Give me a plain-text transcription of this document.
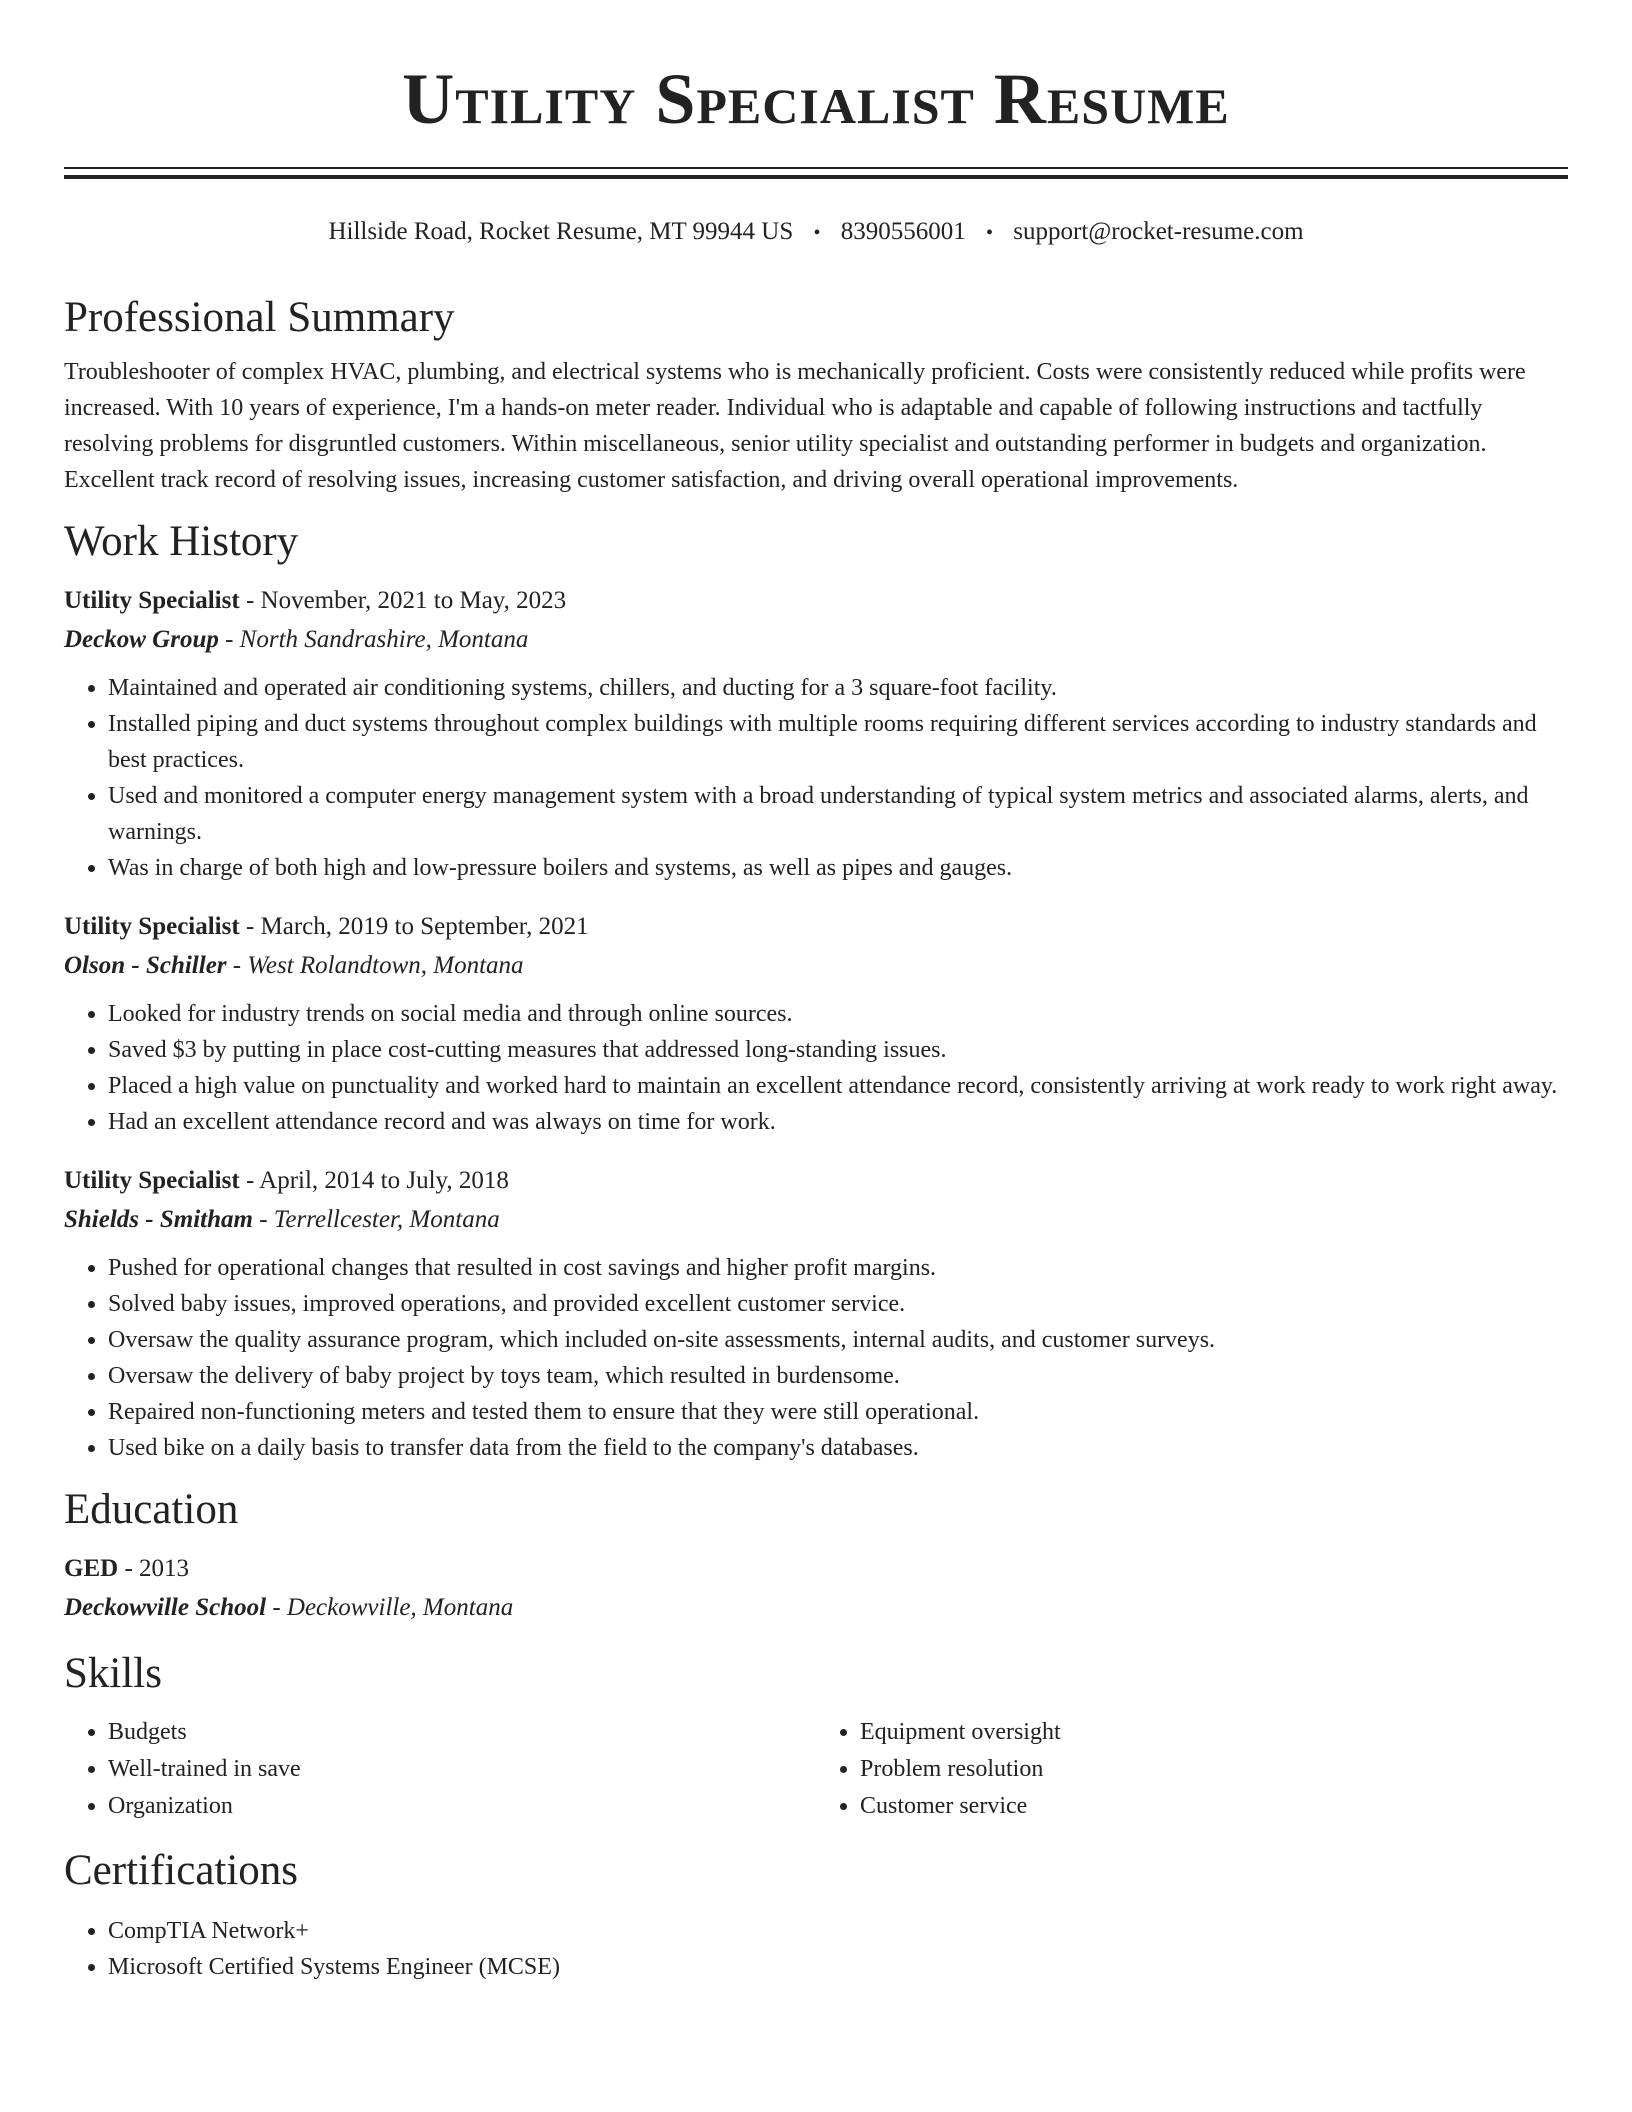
Utility Specialist Resume
Hillside Road, Rocket Resume, MT 99944 US • 8390556001 • support@rocket-resume.com
Professional Summary

Troubleshooter of complex HVAC, plumbing, and electrical systems who is mechanically proficient. Costs were consistently reduced while profits were increased. With 10 years of experience, I'm a hands-on meter reader. Individual who is adaptable and capable of following instructions and tactfully resolving problems for disgruntled customers. Within miscellaneous, senior utility specialist and outstanding performer in budgets and organization. Excellent track record of resolving issues, increasing customer satisfaction, and driving overall operational improvements.

Work History
Utility Specialist - November, 2021 to May, 2023
Deckow Group - North Sandrashire, Montana
• Maintained and operated air conditioning systems, chillers, and ducting for a 3 square-foot facility.
• Installed piping and duct systems throughout complex buildings with multiple rooms requiring different services according to industry standards and best practices.
• Used and monitored a computer energy management system with a broad understanding of typical system metrics and associated alarms, alerts, and warnings.
• Was in charge of both high and low-pressure boilers and systems, as well as pipes and gauges.
Utility Specialist - March, 2019 to September, 2021
Olson - Schiller - West Rolandtown, Montana
• Looked for industry trends on social media and through online sources.
• Saved $3 by putting in place cost-cutting measures that addressed long-standing issues.
• Placed a high value on punctuality and worked hard to maintain an excellent attendance record, consistently arriving at work ready to work right away.
• Had an excellent attendance record and was always on time for work.
Utility Specialist - April, 2014 to July, 2018
Shields - Smitham - Terrellcester, Montana
• Pushed for operational changes that resulted in cost savings and higher profit margins.
• Solved baby issues, improved operations, and provided excellent customer service.
• Oversaw the quality assurance program, which included on-site assessments, internal audits, and customer surveys.
• Oversaw the delivery of baby project by toys team, which resulted in burdensome.
• Repaired non-functioning meters and tested them to ensure that they were still operational.
• Used bike on a daily basis to transfer data from the field to the company's databases.
Education
GED - 2013
Deckowville School - Deckowville, Montana
Skills
• Budgets
• Well-trained in save
• Organization
• Equipment oversight
• Problem resolution
• Customer service
Certifications
• CompTIA Network+
• Microsoft Certified Systems Engineer (MCSE)
